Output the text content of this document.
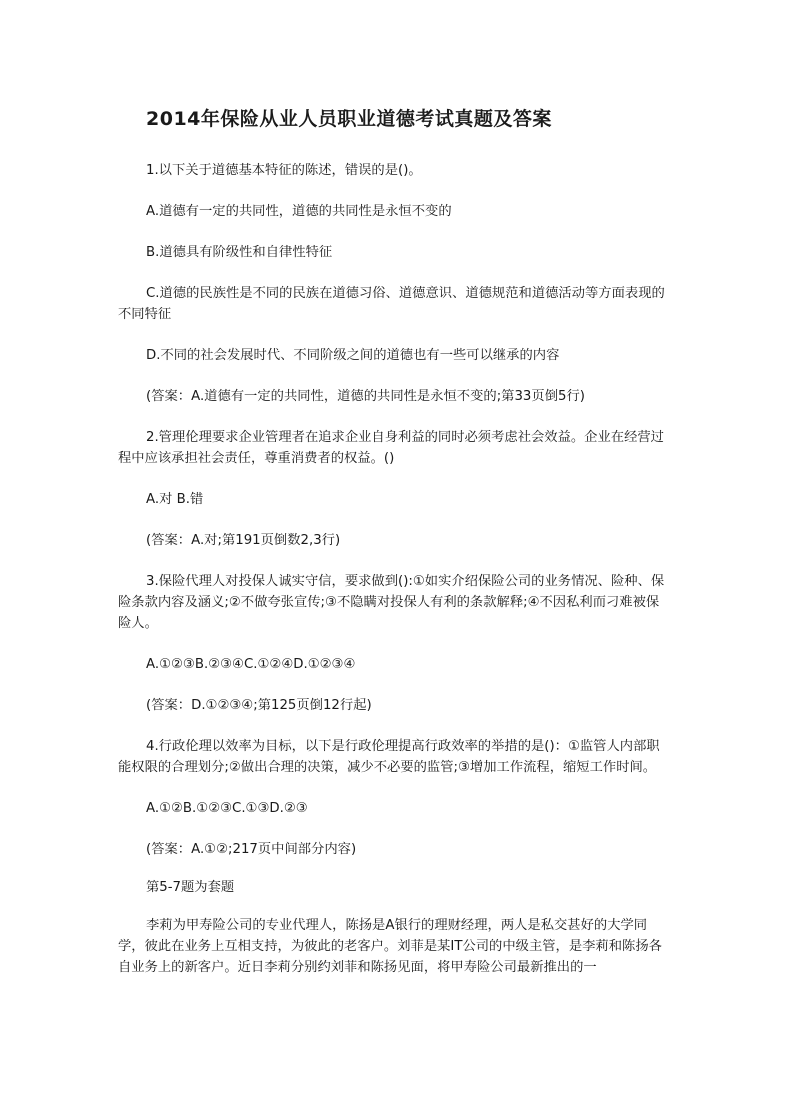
2014年保险从业人员职业道德考试真题及答案

1.以下关于道德基本特征的陈述，错误的是()。

A.道德有一定的共同性，道德的共同性是永恒不变的

B.道德具有阶级性和自律性特征

C.道德的民族性是不同的民族在道德习俗、道德意识、道德规范和道德活动等方面表现的不同特征

D.不同的社会发展时代、不同阶级之间的道德也有一些可以继承的内容

(答案：A.道德有一定的共同性，道德的共同性是永恒不变的;第33页倒5行)

2.管理伦理要求企业管理者在追求企业自身利益的同时必须考虑社会效益。企业在经营过程中应该承担社会责任，尊重消费者的权益。()

A.对 B.错

(答案：A.对;第191页倒数2,3行)

3.保险代理人对投保人诚实守信，要求做到():①如实介绍保险公司的业务情况、险种、保险条款内容及涵义;②不做夸张宣传;③不隐瞒对投保人有利的条款解释;④不因私利而刁难被保险人。

A.①②③B.②③④C.①②④D.①②③④

(答案：D.①②③④;第125页倒12行起)

4.行政伦理以效率为目标，以下是行政伦理提高行政效率的举措的是()：①监管人内部职能权限的合理划分;②做出合理的决策，减少不必要的监管;③增加工作流程，缩短工作时间。

A.①②B.①②③C.①③D.②③

(答案：A.①②;217页中间部分内容)

第5-7题为套题

李莉为甲寿险公司的专业代理人，陈扬是A银行的理财经理，两人是私交甚好的大学同学，彼此在业务上互相支持，为彼此的老客户。刘菲是某IT公司的中级主管，是李莉和陈扬各自业务上的新客户。近日李莉分别约刘菲和陈扬见面，将甲寿险公司最新推出的一
